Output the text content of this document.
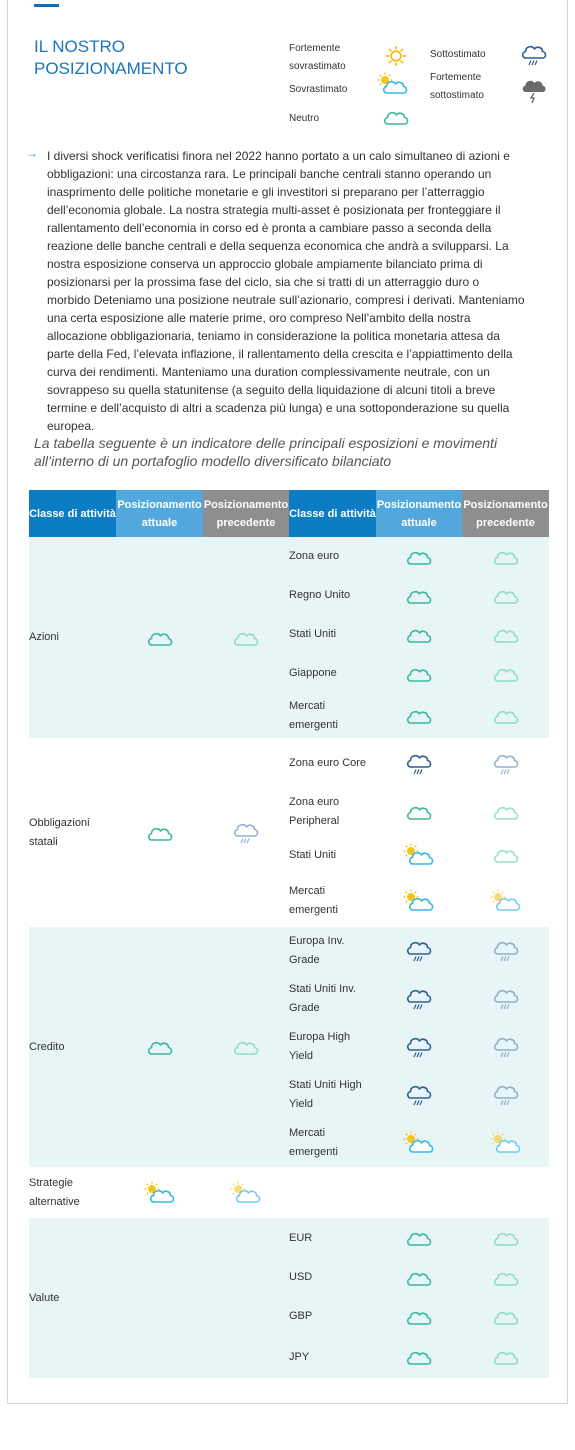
IL NOSTRO POSIZIONAMENTO
Fortemente sovrastimato
Sovrastimato
Neutro
Sottostimato
Fortemente sottostimato
→ I diversi shock verificatisi finora nel 2022 hanno portato a un calo simultaneo di azioni e obbligazioni: una circostanza rara. Le principali banche centrali stanno operando un inasprimento delle politiche monetarie e gli investitori si preparano per l’atterraggio dell’economia globale. La nostra strategia multi-asset è posizionata per fronteggiare il rallentamento dell’economia in corso ed è pronta a cambiare passo a seconda della reazione delle banche centrali e della sequenza economica che andrà a svilupparsi. La nostra esposizione conserva un approccio globale ampiamente bilanciato prima di posizionarsi per la prossima fase del ciclo, sia che si tratti di un atterraggio duro o morbido Deteniamo una posizione neutrale sull’azionario, compresi i derivati. Manteniamo una certa esposizione alle materie prime, oro compreso Nell’ambito della nostra allocazione obbligazionaria, teniamo in considerazione la politica monetaria attesa da parte della Fed, l’elevata inflazione, il rallentamento della crescita e l’appiattimento della curva dei rendimenti. Manteniamo una duration complessivamente neutrale, con un sovrappeso su quella statunitense (a seguito della liquidazione di alcuni titoli a breve termine e dell’acquisto di altri a scadenza più lunga) e una sottoponderazione su quella europea.
La tabella seguente è un indicatore delle principali esposizioni e movimenti all’interno di un portafoglio modello diversificato bilanciato
Classe di attività	Posizionamento attuale	Posizionamento precedente	Classe di attività	Posizionamento attuale	Posizionamento precedente
Azioni			Zona euro	

			Regno Unito	

			Stati Uniti	

			Giappone	

			Mercati emergenti	

Obbligazioni statali			Zona euro Core	

			Zona euro Peripheral	

			Stati Uniti	

			Mercati emergenti	

Credito			Europa Inv. Grade	

			Stati Uniti Inv. Grade	

			Europa High Yield	

			Stati Uniti High Yield	

			Mercati emergenti	

Strategie alternative	

Valute			EUR	

			USD	

			GBP	

			JPY	
